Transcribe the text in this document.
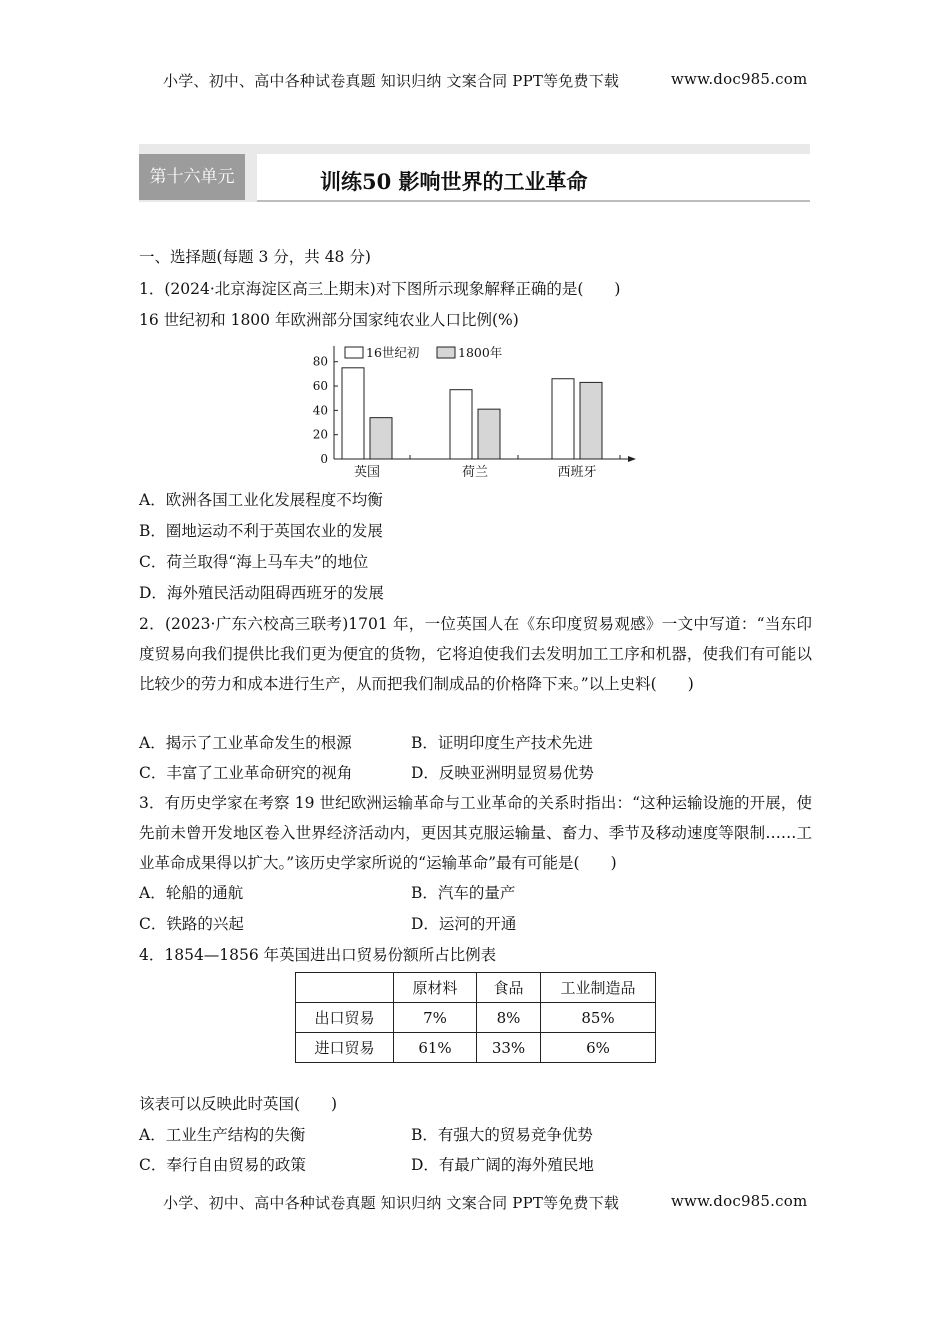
小学、初中、高中各种试卷真题 知识归纳 文案合同 PPT等免费下载	www.doc985.com
第十六单元	训练50 影响世界的工业革命
一、选择题(每题 3 分，共 48 分)
1．(2024·北京海淀区高三上期末)对下图所示现象解释正确的是(　　)
16 世纪初和 1800 年欧洲部分国家纯农业人口比例(%)
0
20
40
60
80
英国	荷兰	西班牙
16世纪初	1800年
A．欧洲各国工业化发展程度不均衡
B．圈地运动不利于英国农业的发展
C．荷兰取得“海上马车夫”的地位
D．海外殖民活动阻碍西班牙的发展
2．(2023·广东六校高三联考)1701 年，一位英国人在《东印度贸易观感》一文中写道：“当东印度贸易向我们提供比我们更为便宜的货物，它将迫使我们去发明加工工序和机器，使我们有可能以比较少的劳力和成本进行生产，从而把我们制成品的价格降下来。”以上史料(　　)
A．揭示了工业革命发生的根源	B．证明印度生产技术先进
C．丰富了工业革命研究的视角	D．反映亚洲明显贸易优势
3．有历史学家在考察 19 世纪欧洲运输革命与工业革命的关系时指出：“这种运输设施的开展，使先前未曾开发地区卷入世界经济活动内，更因其克服运输量、畜力、季节及移动速度等限制……工业革命成果得以扩大。”该历史学家所说的“运输革命”最有可能是(　　)
A．轮船的通航	B．汽车的量产
C．铁路的兴起	D．运河的开通
4．1854—1856 年英国进出口贸易份额所占比例表
	原材料	食品	工业制造品
出口贸易	7%	8%	85%
进口贸易	61%	33%	6%
该表可以反映此时英国(　　)
A．工业生产结构的失衡	B．有强大的贸易竞争优势
C．奉行自由贸易的政策	D．有最广阔的海外殖民地
小学、初中、高中各种试卷真题 知识归纳 文案合同 PPT等免费下载	www.doc985.com
